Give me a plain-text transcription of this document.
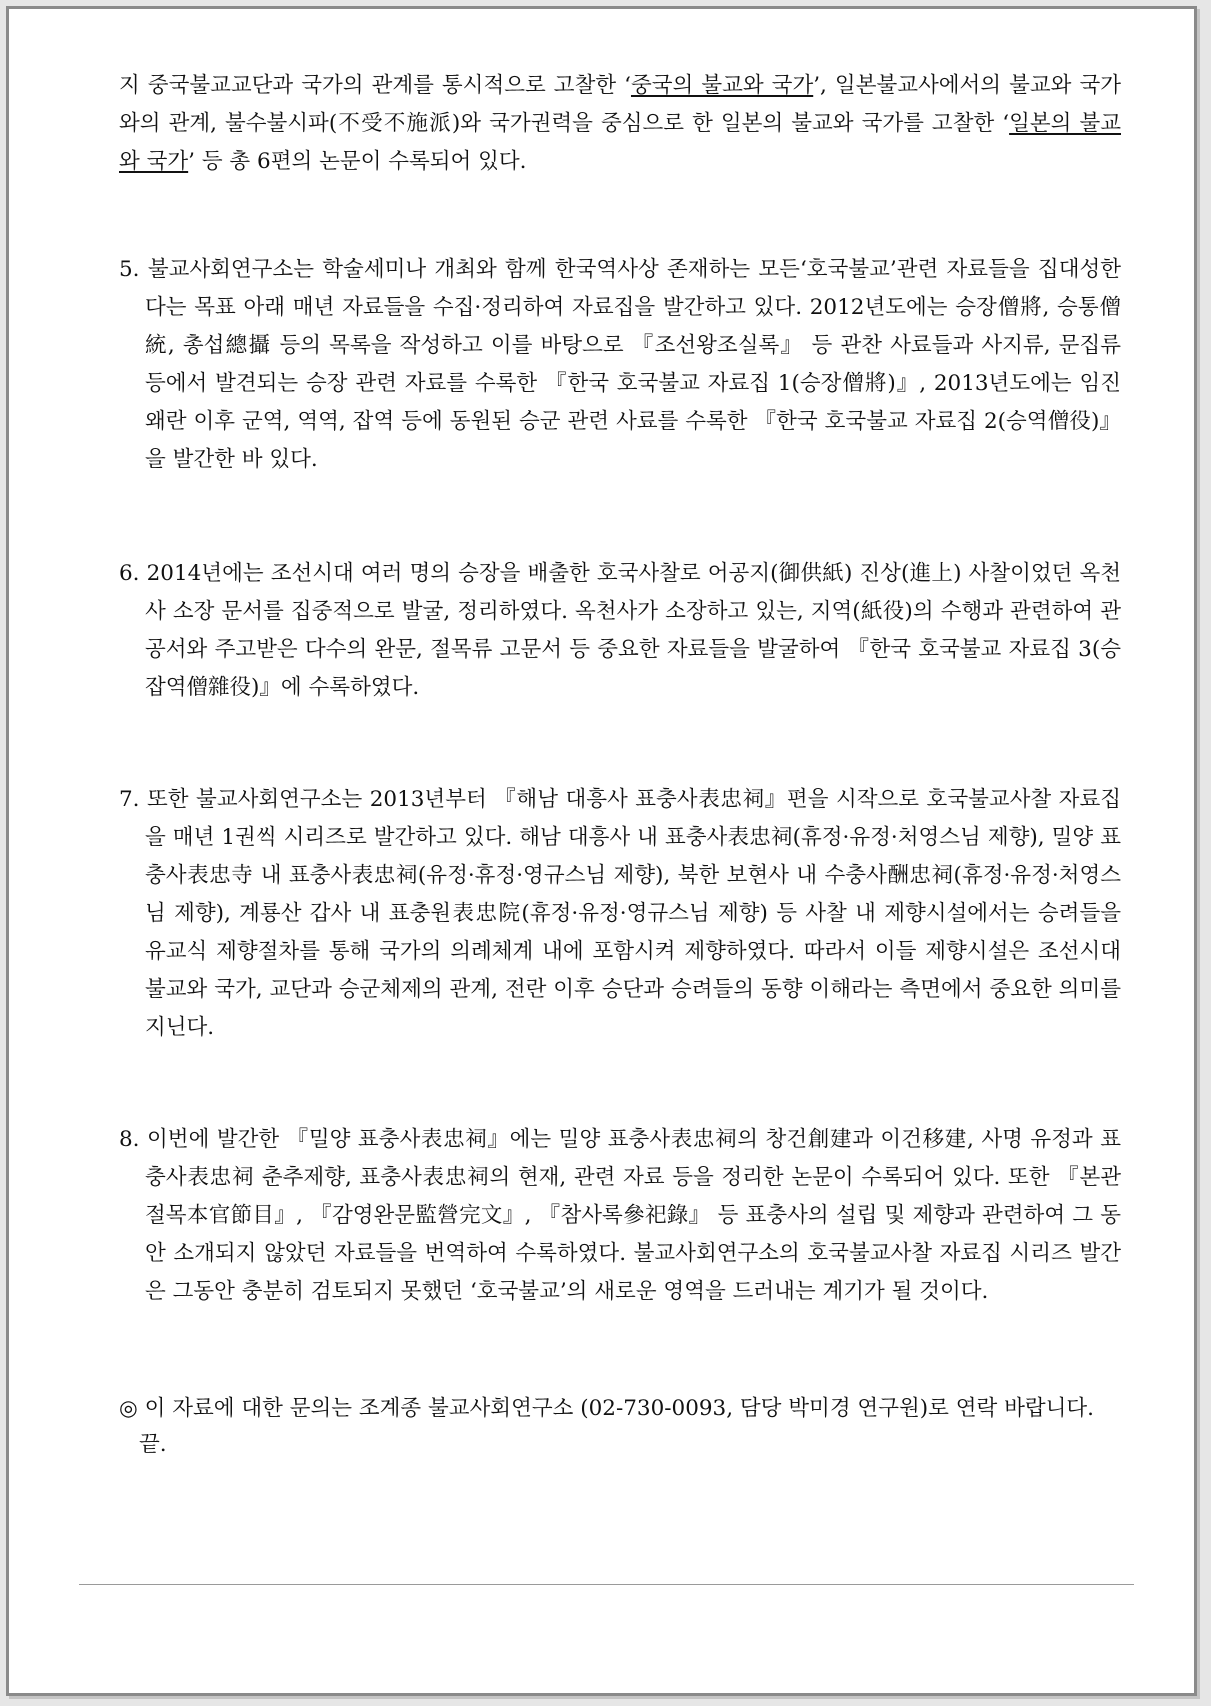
지 중국불교교단과 국가의 관계를 통시적으로 고찰한 ‘중국의 불교와 국가’, 일본불교사에서의 불교와 국가와의 관계, 불수불시파(不受不施派)와 국가권력을 중심으로 한 일본의 불교와 국가를 고찰한 ‘일본의 불교와 국가’ 등 총 6편의 논문이 수록되어 있다.

5. 불교사회연구소는 학술세미나 개최와 함께 한국역사상 존재하는 모든‘호국불교’관련 자료들을 집대성한다는 목표 아래 매년 자료들을 수집·정리하여 자료집을 발간하고 있다. 2012년도에는 승장僧將, 승통僧統, 총섭總攝 등의 목록을 작성하고 이를 바탕으로 『조선왕조실록』 등 관찬 사료들과 사지류, 문집류 등에서 발견되는 승장 관련 자료를 수록한 『한국 호국불교 자료집 1(승장僧將)』, 2013년도에는 임진왜란 이후 군역, 역역, 잡역 등에 동원된 승군 관련 사료를 수록한 『한국 호국불교 자료집 2(승역僧役)』을 발간한 바 있다.

6. 2014년에는 조선시대 여러 명의 승장을 배출한 호국사찰로 어공지(御供紙) 진상(進上) 사찰이었던 옥천사 소장 문서를 집중적으로 발굴, 정리하였다. 옥천사가 소장하고 있는, 지역(紙役)의 수행과 관련하여 관공서와 주고받은 다수의 완문, 절목류 고문서 등 중요한 자료들을 발굴하여 『한국 호국불교 자료집 3(승잡역僧雜役)』에 수록하였다.

7. 또한 불교사회연구소는 2013년부터 『해남 대흥사 표충사表忠祠』편을 시작으로 호국불교사찰 자료집을 매년 1권씩 시리즈로 발간하고 있다. 해남 대흥사 내 표충사表忠祠(휴정·유정·처영스님 제향), 밀양 표충사表忠寺 내 표충사表忠祠(유정·휴정·영규스님 제향), 북한 보현사 내 수충사酬忠祠(휴정·유정·처영스님 제향), 계룡산 갑사 내 표충원表忠院(휴정·유정·영규스님 제향) 등 사찰 내 제향시설에서는 승려들을 유교식 제향절차를 통해 국가의 의례체계 내에 포함시켜 제향하였다. 따라서 이들 제향시설은 조선시대 불교와 국가, 교단과 승군체제의 관계, 전란 이후 승단과 승려들의 동향 이해라는 측면에서 중요한 의미를 지닌다.

8. 이번에 발간한 『밀양 표충사表忠祠』에는 밀양 표충사表忠祠의 창건創建과 이건移建, 사명 유정과 표충사表忠祠 춘추제향, 표충사表忠祠의 현재, 관련 자료 등을 정리한 논문이 수록되어 있다. 또한 『본관절목本官節目』, 『감영완문監營完文』, 『참사록參祀錄』 등 표충사의 설립 및 제향과 관련하여 그 동안 소개되지 않았던 자료들을 번역하여 수록하였다. 불교사회연구소의 호국불교사찰 자료집 시리즈 발간은 그동안 충분히 검토되지 못했던 ‘호국불교’의 새로운 영역을 드러내는 계기가 될 것이다.

◎ 이 자료에 대한 문의는 조계종 불교사회연구소 (02-730-0093, 담당 박미경 연구원)로 연락 바랍니다. 끝.
